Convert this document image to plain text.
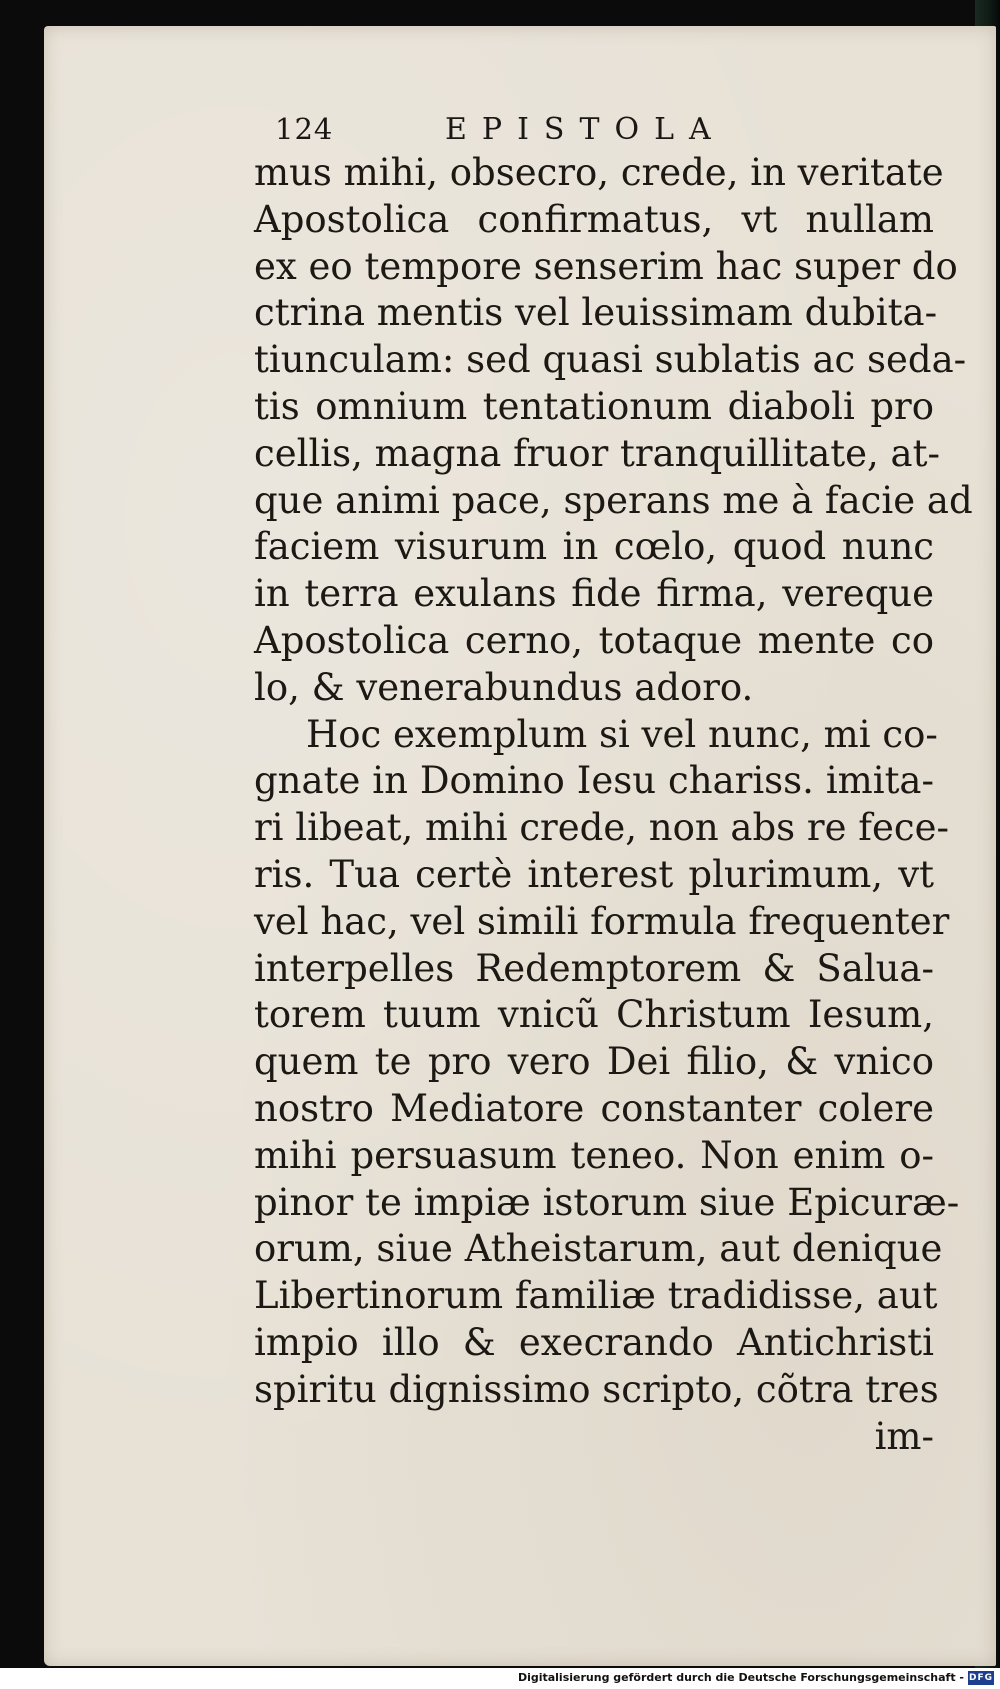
124	EPISTOLA
mus mihi, obsecro, crede, in veritate
Apostolica confirmatus, vt nullam
ex eo tempore senserim hac super do
ctrina mentis vel leuissimam dubita-
tiunculam: sed quasi sublatis ac seda-
tis omnium tentationum diaboli pro
cellis, magna fruor tranquillitate, at-
que animi pace, sperans me à facie ad
faciem visurum in cœlo, quod nunc
in terra exulans fide firma, vereque
Apostolica cerno, totaque mente co
lo, & venerabundus adoro.
Hoc exemplum si vel nunc, mi co-
gnate in Domino Iesu chariss. imita-
ri libeat, mihi crede, non abs re fece-
ris. Tua certè interest plurimum, vt
vel hac, vel simili formula frequenter
interpelles Redemptorem & Salua-
torem tuum vnicũ Christum Iesum,
quem te pro vero Dei filio, & vnico
nostro Mediatore constanter colere
mihi persuasum teneo. Non enim o-
pinor te impiæ istorum siue Epicuræ-
orum, siue Atheistarum, aut denique
Libertinorum familiæ tradidisse, aut
impio illo & execrando Antichristi
spiritu dignissimo scripto, cõtra tres
im-
Digitalisierung gefördert durch die Deutsche Forschungsgemeinschaft - DFG
